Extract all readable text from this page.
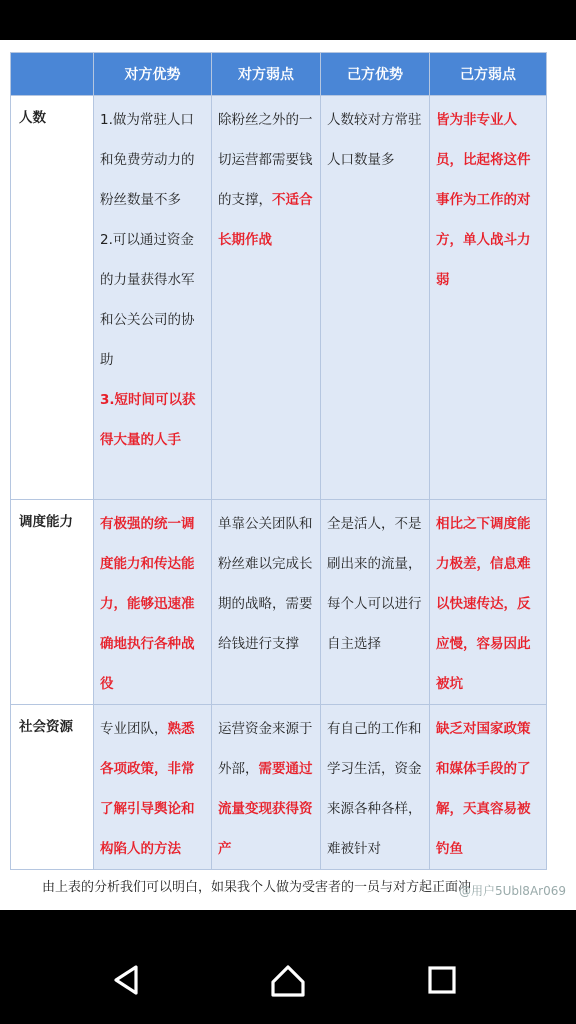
	对方优势	对方弱点	己方优势	己方弱点
人数	1.做为常驻人口和免费劳动力的粉丝数量不多
2.可以通过资金的力量获得水军和公关公司的协助
3.短时间可以获得大量的人手	除粉丝之外的一切运营都需要钱的支撑，不适合长期作战	人数较对方常驻人口数量多	皆为非专业人员，比起将这件事作为工作的对方，单人战斗力弱
调度能力	有极强的统一调度能力和传达能力，能够迅速准确地执行各种战役	单靠公关团队和粉丝难以完成长期的战略，需要给钱进行支撑	全是活人，不是刷出来的流量，每个人可以进行自主选择	相比之下调度能力极差，信息难以快速传达，反应慢，容易因此被坑
社会资源	专业团队，熟悉各项政策，非常了解引导舆论和构陷人的方法	运营资金来源于外部，需要通过流量变现获得资产	有自己的工作和学习生活，资金来源各种各样，难被针对	缺乏对国家政策和媒体手段的了解，天真容易被钓鱼
由上表的分析我们可以明白，如果我个人做为受害者的一员与对方起正面冲
@用户5Ubl8Ar069
